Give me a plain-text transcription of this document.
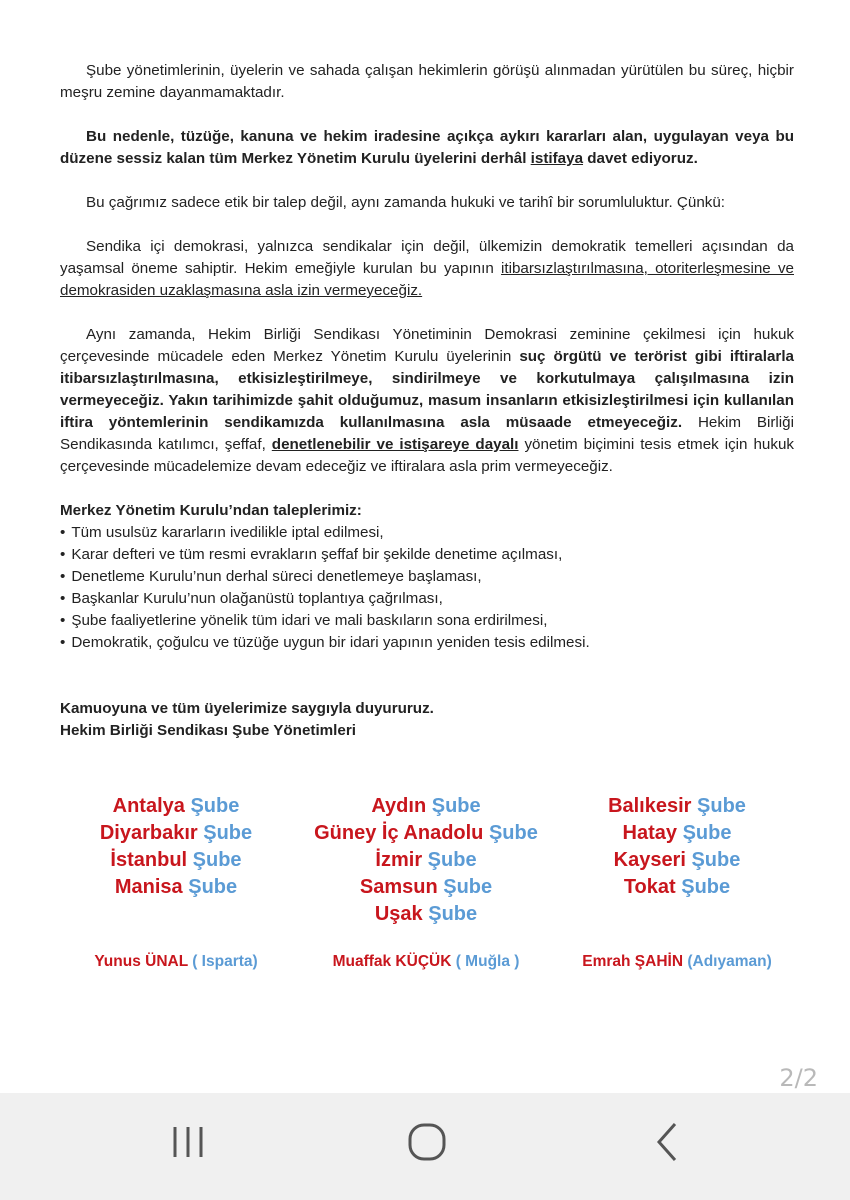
Şube yönetimlerinin, üyelerin ve sahada çalışan hekimlerin görüşü alınmadan yürütülen bu süreç, hiçbir meşru zemine dayanmamaktadır.

Bu nedenle, tüzüğe, kanuna ve hekim iradesine açıkça aykırı kararları alan, uygulayan veya bu düzene sessiz kalan tüm Merkez Yönetim Kurulu üyelerini derhâl istifaya davet ediyoruz.

Bu çağrımız sadece etik bir talep değil, aynı zamanda hukuki ve tarihî bir sorumluluktur. Çünkü:

Sendika içi demokrasi, yalnızca sendikalar için değil, ülkemizin demokratik temelleri açısından da yaşamsal öneme sahiptir. Hekim emeğiyle kurulan bu yapının itibarsızlaştırılmasına, otoriterleşmesine ve demokrasiden uzaklaşmasına asla izin vermeyeceğiz.

Aynı zamanda, Hekim Birliği Sendikası Yönetiminin Demokrasi zeminine çekilmesi için hukuk çerçevesinde mücadele eden Merkez Yönetim Kurulu üyelerinin suç örgütü ve terörist gibi iftiralarla itibarsızlaştırılmasına, etkisizleştirilmeye, sindirilmeye ve korkutulmaya çalışılmasına izin vermeyeceğiz. Yakın tarihimizde şahit olduğumuz, masum insanların etkisizleştirilmesi için kullanılan iftira yöntemlerinin sendikamızda kullanılmasına asla müsaade etmeyeceğiz. Hekim Birliği Sendikasında katılımcı, şeffaf, denetlenebilir ve istişareye dayalı yönetim biçimini tesis etmek için hukuk çerçevesinde mücadelemize devam edeceğiz ve iftiralara asla prim vermeyeceğiz.

Merkez Yönetim Kurulu’ndan taleplerimiz:

• Tüm usulsüz kararların ivedilikle iptal edilmesi,
• Karar defteri ve tüm resmi evrakların şeffaf bir şekilde denetime açılması,
• Denetleme Kurulu’nun derhal süreci denetlemeye başlaması,
• Başkanlar Kurulu’nun olağanüstü toplantıya çağrılması,
• Şube faaliyetlerine yönelik tüm idari ve mali baskıların sona erdirilmesi,
• Demokratik, çoğulcu ve tüzüğe uygun bir idari yapının yeniden tesis edilmesi.
Kamuoyuna ve tüm üyelerimize saygıyla duyururuz.
Hekim Birliği Sendikası Şube Yönetimleri
Antalya Şube
Diyarbakır Şube
İstanbul Şube
Manisa Şube
Aydın Şube
Güney İç Anadolu Şube
İzmir Şube
Samsun Şube
Uşak Şube
Balıkesir Şube
Hatay Şube
Kayseri Şube
Tokat Şube
Yunus ÜNAL ( Isparta)	Muaffak KÜÇÜK ( Muğla )	Emrah ŞAHİN (Adıyaman)
2/2
